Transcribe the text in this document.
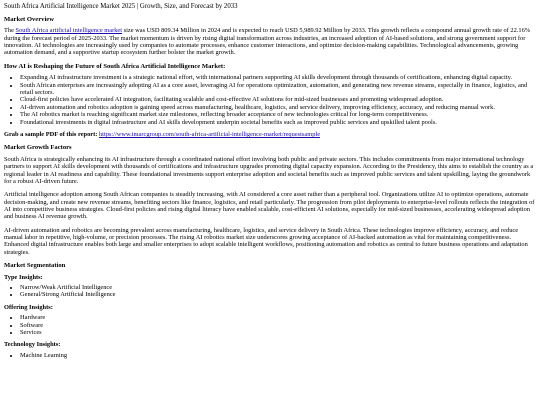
South Africa Artificial Intelligence Market 2025 | Growth, Size, and Forecast by 2033
Market Overview

The South Africa artificial intelligence market size was USD 809.34 Million in 2024 and is expected to reach USD 5,989.92 Million by 2033. This growth reflects a compound annual growth rate of 22.16% during the forecast period of 2025-2033. The market momentum is driven by rising digital transformation across industries, an increased adoption of AI-based solutions, and strong government support for innovation. AI technologies are increasingly used by companies to automate processes, enhance customer interactions, and optimize decision-making capabilities. Technological advancements, growing automation demand, and a supportive startup ecosystem further bolster the market growth.

How AI is Reshaping the Future of South Africa Artificial Intelligence Market:
• Expanding AI infrastructure investment is a strategic national effort, with international partners supporting AI skills development through thousands of certifications, enhancing digital capacity.
• South African enterprises are increasingly adopting AI as a core asset, leveraging AI for operations optimization, automation, and generating new revenue streams, especially in finance, logistics, and retail sectors.
• Cloud-first policies have accelerated AI integration, facilitating scalable and cost-effective AI solutions for mid-sized businesses and promoting widespread adoption.
• AI-driven automation and robotics adoption is gaining speed across manufacturing, healthcare, logistics, and service delivery, improving efficiency, accuracy, and reducing manual work.
• The AI robotics market is reaching significant market size milestones, reflecting broader acceptance of new technologies critical for long-term competitiveness.
• Foundational investments in digital infrastructure and AI skills development underpin societal benefits such as improved public services and upskilled talent pools.

Grab a sample PDF of this report: https://www.imarcgroup.com/south-africa-artificial-intelligence-market/requestsample

Market Growth Factors

South Africa is strategically enhancing its AI infrastructure through a coordinated national effort involving both public and private sectors. This includes commitments from major international technology partners to support AI skills development with thousands of certifications and infrastructure upgrades promoting digital capacity expansion. According to the Presidency, this aims to establish the country as a regional leader in AI readiness and capability. These foundational investments support enterprise adoption and societal benefits such as improved public services and talent upskilling, laying the groundwork for a robust AI-driven future.

Artificial intelligence adoption among South African companies is steadily increasing, with AI considered a core asset rather than a peripheral tool. Organizations utilize AI to optimize operations, automate decision-making, and create new revenue streams, benefiting sectors like finance, logistics, and retail particularly. The progression from pilot deployments to enterprise-level rollouts reflects the integration of AI into competitive business strategies. Cloud-first policies and rising digital literacy have enabled scalable, cost-efficient AI solutions, especially for mid-sized businesses, accelerating widespread adoption and business AI revenue growth.

AI-driven automation and robotics are becoming prevalent across manufacturing, healthcare, logistics, and service delivery in South Africa. These technologies improve efficiency, accuracy, and reduce manual labor in repetitive, high-volume, or precision processes. The rising AI robotics market size underscores growing acceptance of AI-backed automation as vital for maintaining competitiveness. Enhanced digital infrastructure enables both large and smaller enterprises to adopt scalable intelligent workflows, positioning automation and robotics as central to future business operations and adaptation strategies.

Market Segmentation
Type Insights:
• Narrow/Weak Artificial Intelligence
• General/Strong Artificial Intelligence
Offering Insights:
• Hardware
• Software
• Services
Technology Insights:
• Machine Learning
